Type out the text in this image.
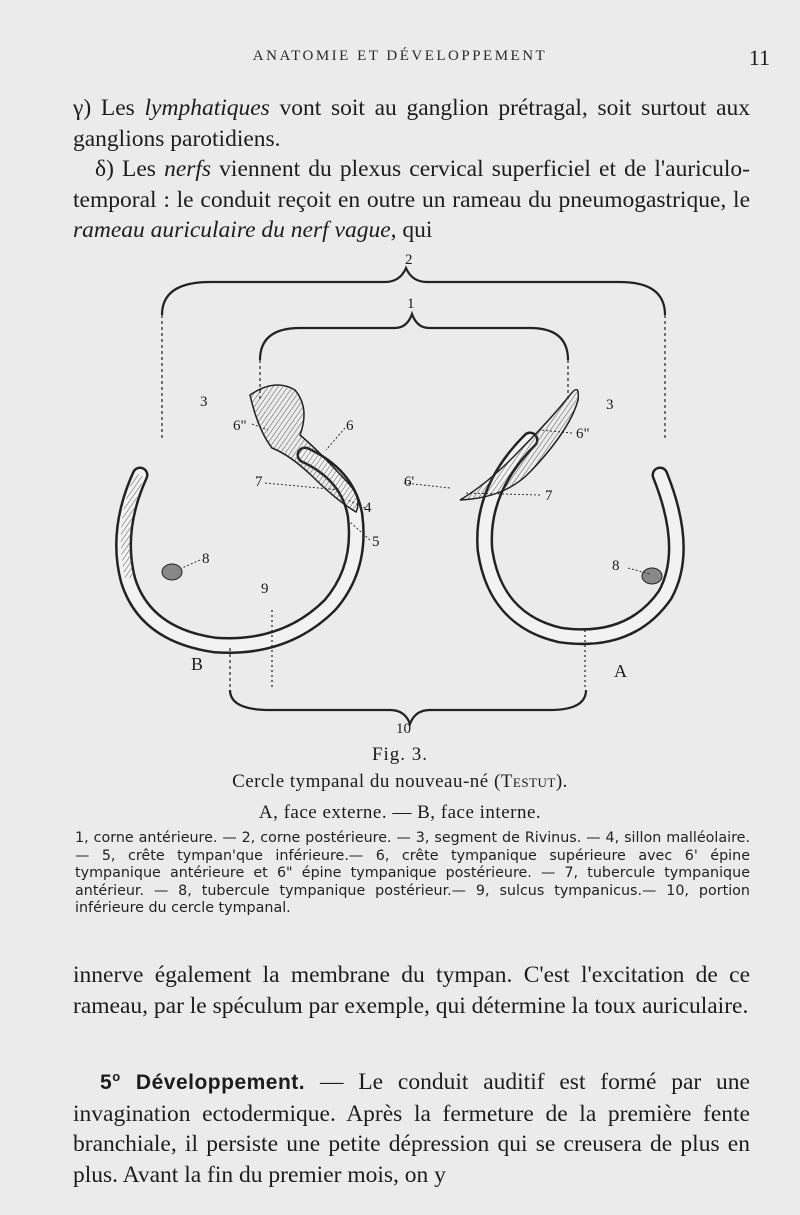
ANATOMIE ET DÉVELOPPEMENT	11

γ) Les lymphatiques vont soit au ganglion prétragal, soit surtout aux ganglions parotidiens.
δ) Les nerfs viennent du plexus cervical superficiel et de l'auriculo-temporal : le conduit reçoit en outre un rameau du pneumogastrique, le rameau auriculaire du nerf vague, qui

2
1
3	3
6"	6	6"
7	6'
7
4
5
8	8
9
B	A
10
Fig. 3.
Cercle tympanal du nouveau-né (Testut).
A, face externe. — B, face interne.
1, corne antérieure. — 2, corne postérieure. — 3, segment de Rivinus. — 4, sillon malléolaire. — 5, crête tympan'que inférieure.— 6, crête tympanique supérieure avec 6' épine tympanique antérieure et 6" épine tympanique postérieure. — 7, tubercule tympanique antérieur. — 8, tubercule tympanique postérieur.— 9, sulcus tympanicus.— 10, portion inférieure du cercle tympanal.

innerve également la membrane du tympan. C'est l'excitation de ce rameau, par le spéculum par exemple, qui détermine la toux auriculaire.

5$^o$ Développement. — Le conduit auditif est formé par une invagination ectodermique. Après la fermeture de la première fente branchiale, il persiste une petite dépression qui se creusera de plus en plus. Avant la fin du premier mois, on y
